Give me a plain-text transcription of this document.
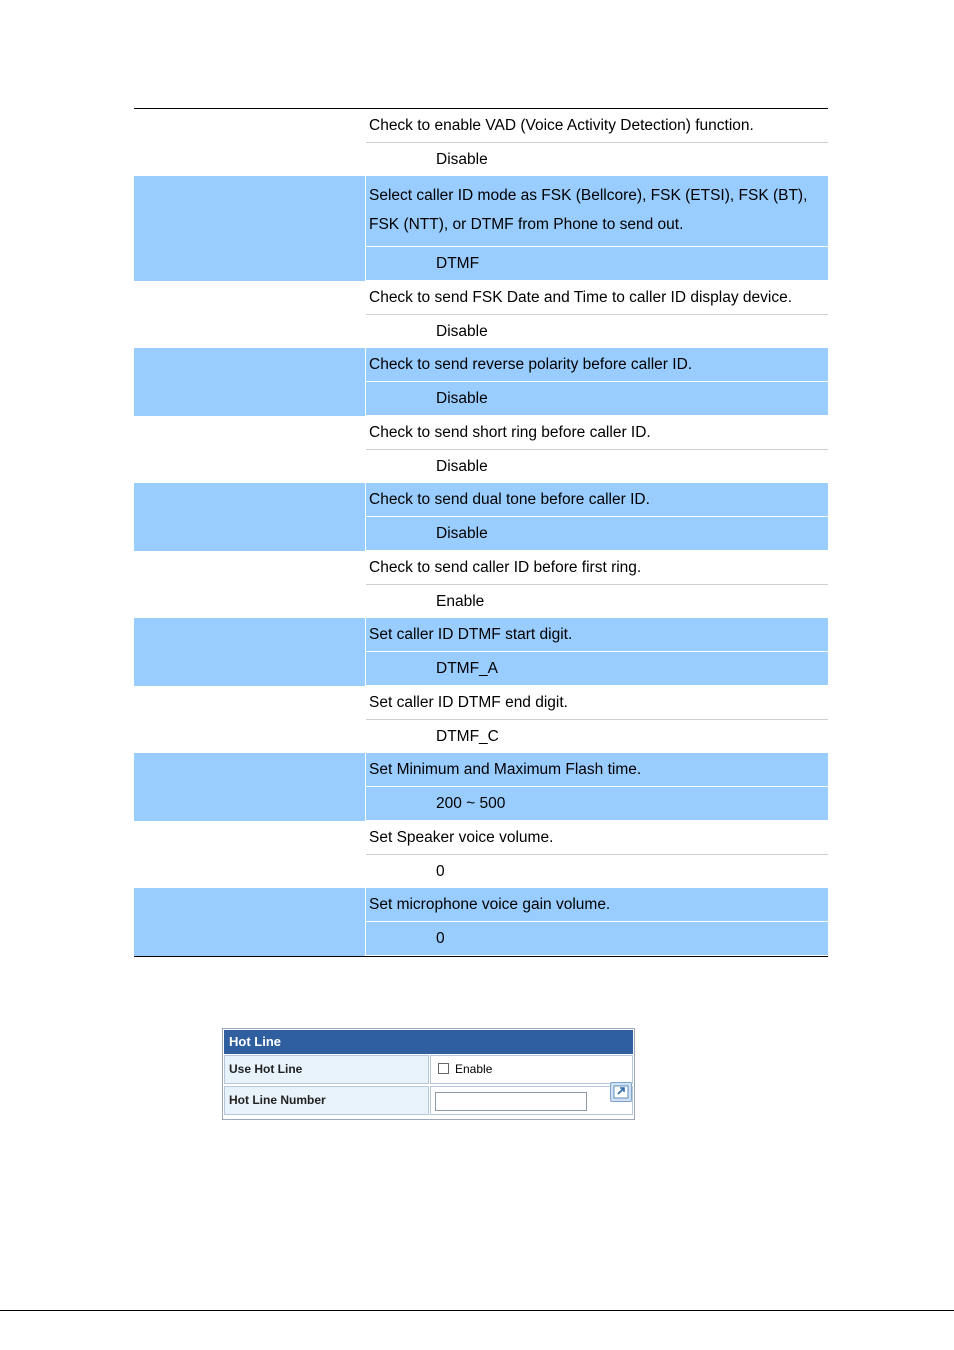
Check to enable VAD (Voice Activity Detection) function.
Disable
Select caller ID mode as FSK (Bellcore), FSK (ETSI), FSK (BT), FSK (NTT), or DTMF from Phone to send out.
DTMF
Check to send FSK Date and Time to caller ID display device.
Disable
Check to send reverse polarity before caller ID.
Disable
Check to send short ring before caller ID.
Disable
Check to send dual tone before caller ID.
Disable
Check to send caller ID before first ring.
Enable
Set caller ID DTMF start digit.
DTMF_A
Set caller ID DTMF end digit.
DTMF_C
Set Minimum and Maximum Flash time.
200 ~ 500
Set Speaker voice volume.
0
Set microphone voice gain volume.
0
Hot Line
Use Hot Line	Enable
Hot Line Number
